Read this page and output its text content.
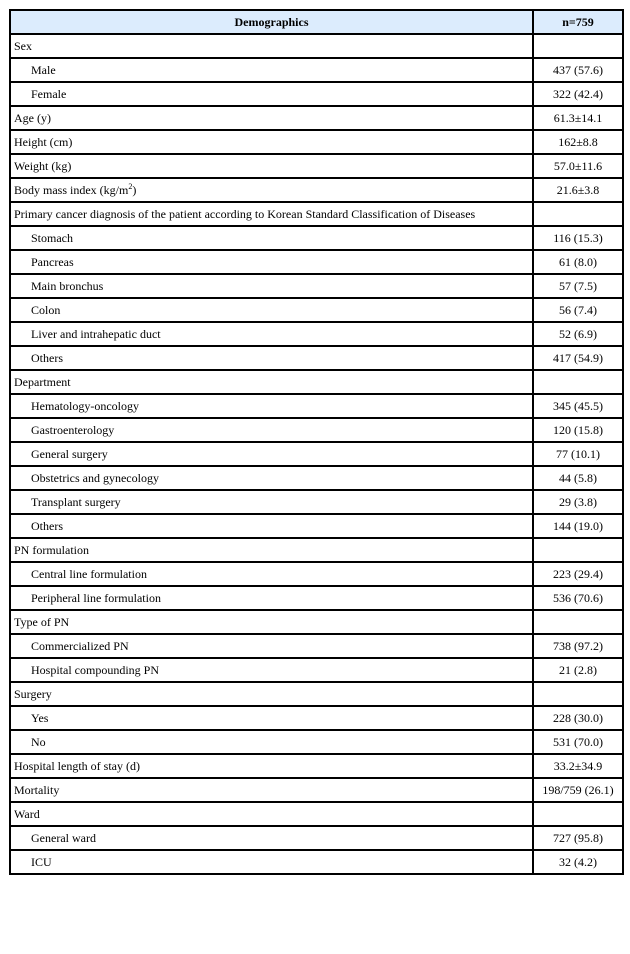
Demographics	n=759
Sex	
Male	437 (57.6)
Female	322 (42.4)
Age (y)	61.3±14.1
Height (cm)	162±8.8
Weight (kg)	57.0±11.6
Body mass index $(kg/m^2)$	21.6±3.8
Primary cancer diagnosis of the patient according to Korean Standard Classification of Diseases	
Stomach	116 (15.3)
Pancreas	61 (8.0)
Main bronchus	57 (7.5)
Colon	56 (7.4)
Liver and intrahepatic duct	52 (6.9)
Others	417 (54.9)
Department	
Hematology-oncology	345 (45.5)
Gastroenterology	120 (15.8)
General surgery	77 (10.1)
Obstetrics and gynecology	44 (5.8)
Transplant surgery	29 (3.8)
Others	144 (19.0)
PN formulation	
Central line formulation	223 (29.4)
Peripheral line formulation	536 (70.6)
Type of PN	
Commercialized PN	738 (97.2)
Hospital compounding PN	21 (2.8)
Surgery	
Yes	228 (30.0)
No	531 (70.0)
Hospital length of stay (d)	33.2±34.9
Mortality	198/759 (26.1)
Ward	
General ward	727 (95.8)
ICU	32 (4.2)
